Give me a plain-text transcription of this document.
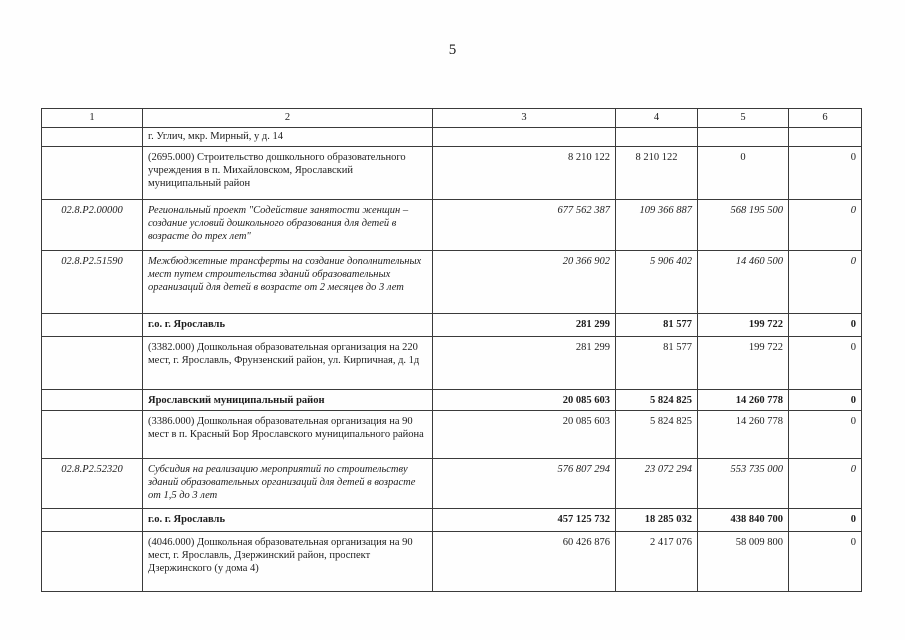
5
1	2	3	4	5	6
	г. Углич, мкр. Мирный, у д. 14				
	(2695.000) Строительство дошкольного образовательного учреждения в п. Михайловском, Ярославский муниципальный район	8 210 122	8 210 122	0	0
02.8.P2.00000	Региональный проект "Содействие занятости женщин – создание условий дошкольного образования для детей в возрасте до трех лет"	677 562 387	109 366 887	568 195 500	0
02.8.P2.51590	Межбюджетные трансферты на создание дополнительных мест путем строительства зданий образовательных организаций для детей в возрасте от 2 месяцев до 3 лет	20 366 902	5 906 402	14 460 500	0
	г.о. г. Ярославль	281 299	81 577	199 722	0
	(3382.000) Дошкольная образовательная организация на 220 мест, г. Ярославль, Фрунзенский район, ул. Кирпичная, д. 1д	281 299	81 577	199 722	0
	Ярославский муниципальный район	20 085 603	5 824 825	14 260 778	0
	(3386.000) Дошкольная образовательная организация на 90 мест в п. Красный Бор Ярославского муниципального района	20 085 603	5 824 825	14 260 778	0
02.8.P2.52320	Субсидия на реализацию мероприятий по строительству зданий образовательных организаций для детей в возрасте от 1,5 до 3 лет	576 807 294	23 072 294	553 735 000	0
	г.о. г. Ярославль	457 125 732	18 285 032	438 840 700	0
	(4046.000) Дошкольная образовательная организация на 90 мест, г. Ярославль, Дзержинский район, проспект Дзержинского (у дома 4)	60 426 876	2 417 076	58 009 800	0
